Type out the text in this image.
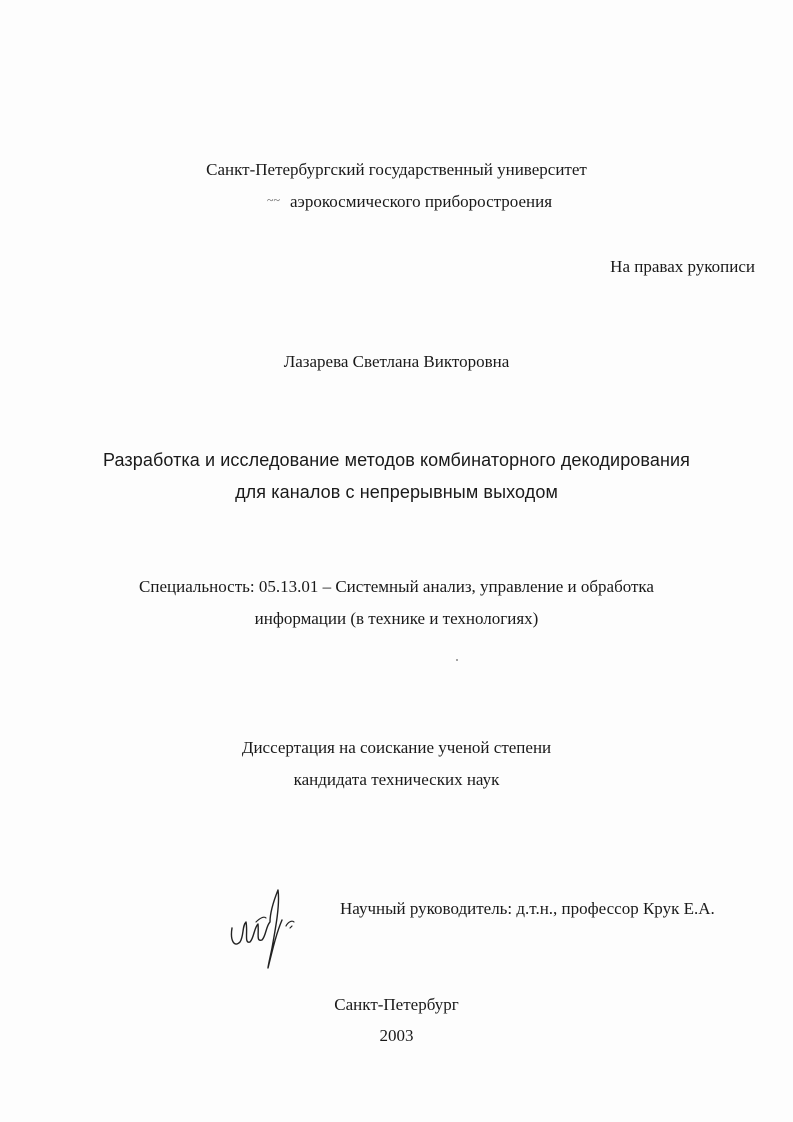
Санкт-Петербургский государственный университет
~~ аэрокосмического приборостроения
На правах рукописи
Лазарева Светлана Викторовна
Разработка и исследование методов комбинаторного декодирования
для каналов с непрерывным выходом
Специальность: 05.13.01 – Системный анализ, управление и обработка
информации (в технике и технологиях)
Диссертация на соискание ученой степени
кандидата технических наук
Научный руководитель: д.т.н., профессор Крук Е.А.
Санкт-Петербург
2003
